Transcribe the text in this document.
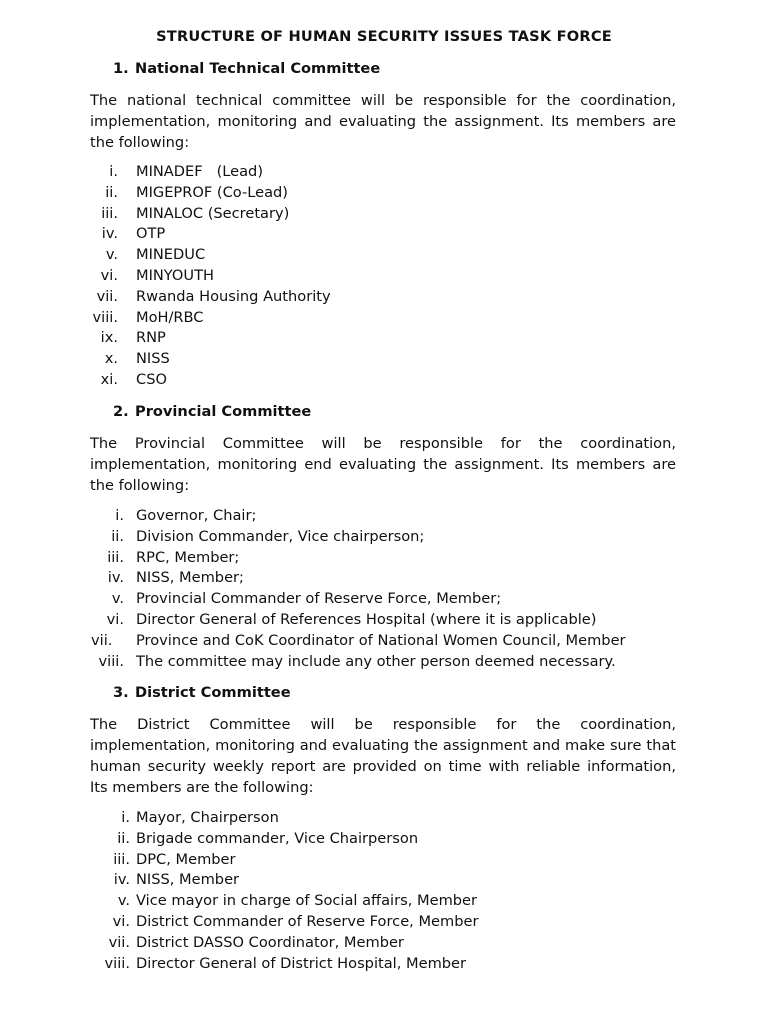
STRUCTURE OF HUMAN SECURITY ISSUES TASK FORCE
1. National Technical Committee
The national technical committee will be responsible for the coordination, implementation, monitoring and evaluating the assignment. Its members are the following:
i. MINADEF   (Lead)
ii. MIGEPROF (Co-Lead)
iii. MINALOC (Secretary)
iv. OTP
v. MINEDUC
vi. MINYOUTH
vii. Rwanda Housing Authority
viii. MoH/RBC
ix. RNP
x. NISS
xi. CSO
2. Provincial Committee
The Provincial Committee will be responsible for the coordination, implementation, monitoring end evaluating the assignment. Its members are the following:
i. Governor, Chair;
ii. Division Commander, Vice chairperson;
iii. RPC, Member;
iv. NISS, Member;
v. Provincial Commander of Reserve Force, Member;
vi. Director General of References Hospital (where it is applicable)
vii. Province and CoK Coordinator of National Women Council, Member
viii. The committee may include any other person deemed necessary.
3. District Committee
The District Committee will be responsible for the coordination, implementation, monitoring and evaluating the assignment and make sure that human security weekly report are provided on time with reliable information, Its members are the following:
i. Mayor, Chairperson
ii. Brigade commander, Vice Chairperson
iii. DPC, Member
iv. NISS, Member
v. Vice mayor in charge of Social affairs, Member
vi. District Commander of Reserve Force, Member
vii. District DASSO Coordinator, Member
viii. Director General of District Hospital, Member
